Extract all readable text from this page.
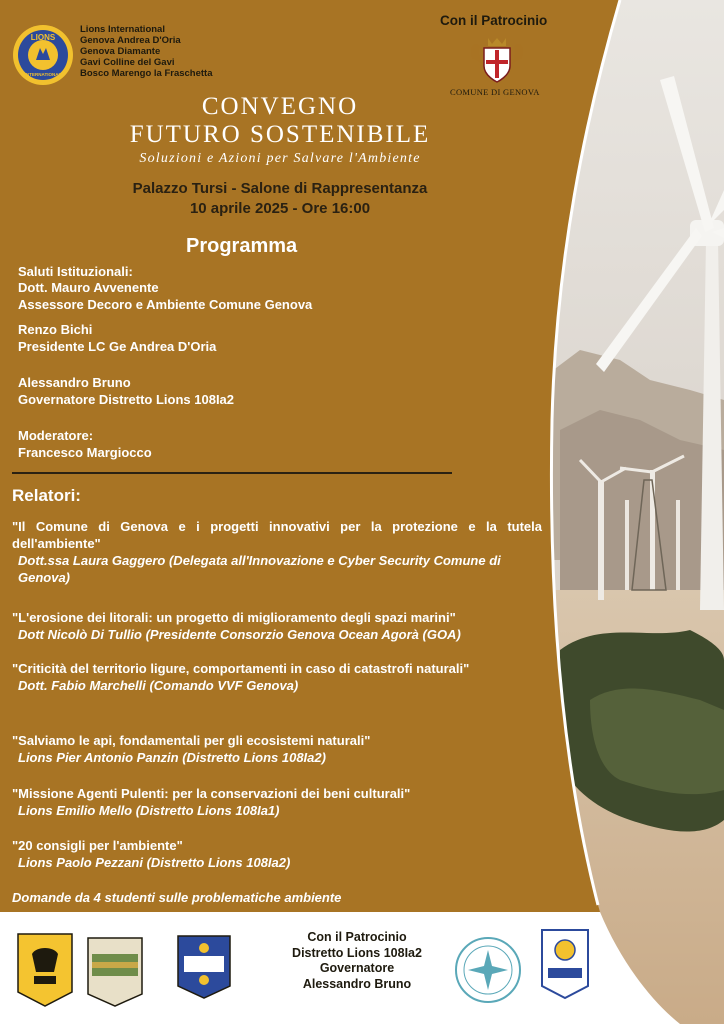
LIONS
INTERNATIONAL
Lions International
Genova Andrea D'Oria
Genova Diamante
Gavi Colline del Gavi
Bosco Marengo la Fraschetta
Con il Patrocinio
COMUNE DI GENOVA
CONVEGNO
FUTURO SOSTENIBILE
Soluzioni e Azioni per Salvare l'Ambiente
Palazzo Tursi - Salone di Rappresentanza
10 aprile 2025 - Ore 16:00
Programma
Saluti Istituzionali:
Dott. Mauro Avvenente
Assessore Decoro e Ambiente Comune Genova
Renzo Bichi
Presidente LC Ge Andrea D'Oria
Alessandro Bruno
Governatore Distretto Lions 108Ia2
Moderatore:
Francesco Margiocco
Relatori:
"Il Comune di Genova e i progetti innovativi per la protezione e la tutela dell'ambiente"
Dott.ssa Laura Gaggero (Delegata all'Innovazione e Cyber Security Comune di Genova)
"L'erosione dei litorali: un progetto di miglioramento degli spazi marini"
Dott Nicolò Di Tullio (Presidente Consorzio Genova Ocean Agorà (GOA)
"Criticità del territorio ligure, comportamenti in caso di catastrofi naturali"
Dott. Fabio Marchelli (Comando VVF Genova)
"Salviamo le api, fondamentali per gli ecosistemi naturali"
Lions Pier Antonio Panzin (Distretto Lions 108Ia2)
"Missione Agenti Pulenti: per la conservazioni dei beni culturali"
Lions Emilio Mello (Distretto Lions 108Ia1)
"20 consigli per l'ambiente"
Lions Paolo Pezzani (Distretto Lions 108Ia2)
Domande da 4 studenti sulle problematiche ambiente
Con il Patrocinio
Distretto Lions 108Ia2
Governatore
Alessandro Bruno
